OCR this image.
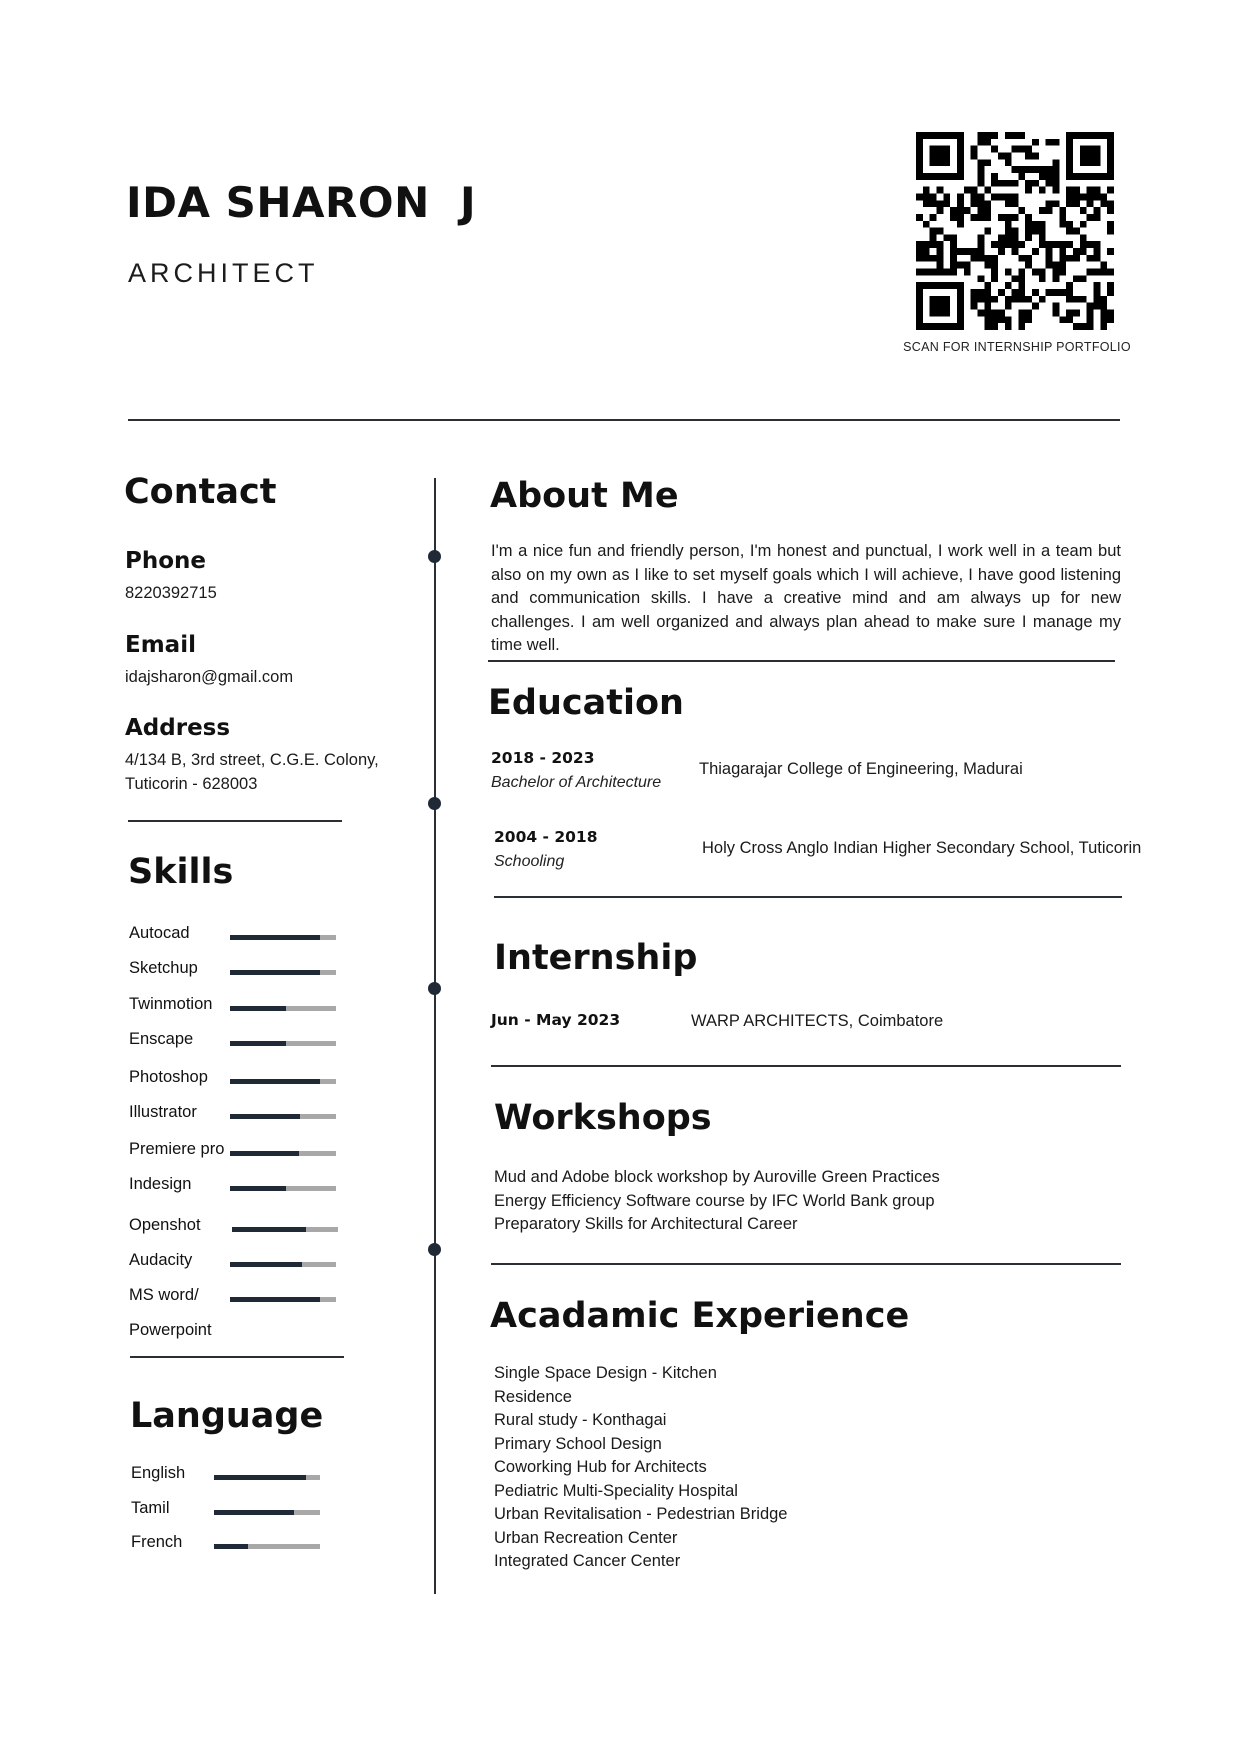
IDA SHARON  J
ARCHITECT
SCAN FOR INTERNSHIP PORTFOLIO
Contact
Phone
8220392715
Email
idajsharon@gmail.com
Address
4/134 B, 3rd street, C.G.E. Colony,
Tuticorin - 628003
Skills
Autocad
Sketchup
Twinmotion
Enscape
Photoshop
Illustrator
Premiere pro
Indesign
Openshot
Audacity
MS word/
Powerpoint
Language
English
Tamil
French
About Me
I'm a nice fun and friendly person, I'm honest and punctual, I work well in a team but also on my own as I like to set myself goals which I will achieve, I have good listening and communication skills. I have a creative mind and am always up for new challenges. I am well organized and always plan ahead to make sure I manage my time well.
Education
2018 - 2023
Bachelor of Architecture
Thiagarajar College of Engineering, Madurai
2004 - 2018
Schooling
Holy Cross Anglo Indian Higher Secondary School, Tuticorin
Internship
Jun - May 2023	WARP ARCHITECTS, Coimbatore
Workshops
Mud and Adobe block workshop by Auroville Green Practices
Energy Efficiency Software course by IFC World Bank group
Preparatory Skills for Architectural Career
Acadamic Experience
Single Space Design - Kitchen
Residence
Rural study - Konthagai
Primary School Design
Coworking Hub for Architects
Pediatric Multi-Speciality Hospital
Urban Revitalisation - Pedestrian Bridge
Urban Recreation Center
Integrated Cancer Center
